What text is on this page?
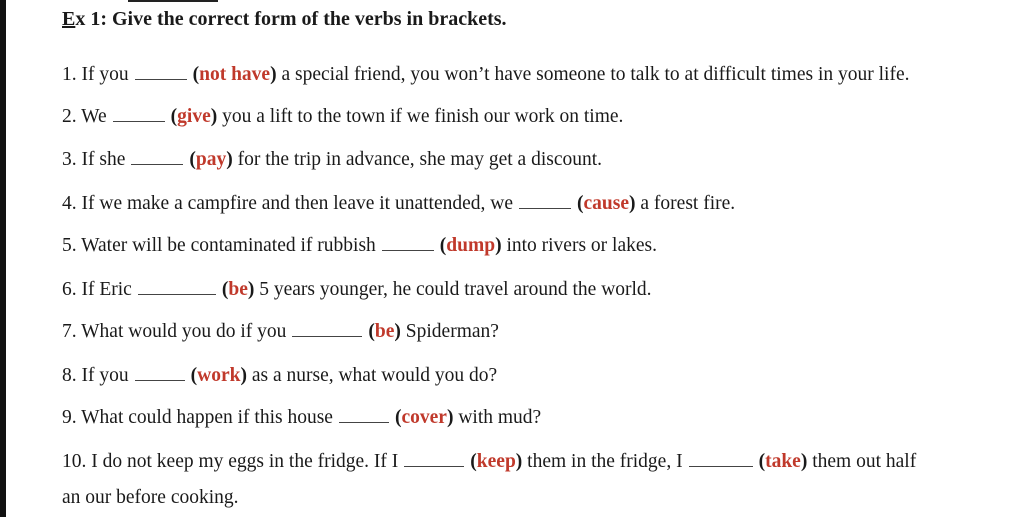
Ex 1: Give the correct form of the verbs in brackets.
1. If you	(not have) a special friend, you won’t have someone to talk to at difficult times in your life.
2. We	(give) you a lift to the town if we finish our work on time.
3. If she	(pay) for the trip in advance, she may get a discount.
4. If we make a campfire and then leave it unattended, we	(cause) a forest fire.
5. Water will be contaminated if rubbish	(dump) into rivers or lakes.
6. If Eric	(be) 5 years younger, he could travel around the world.
7. What would you do if you	(be) Spiderman?
8. If you	(work) as a nurse, what would you do?
9. What could happen if this house	(cover) with mud?
10. I do not keep my eggs in the fridge. If I	(keep) them in the fridge, I	(take) them out half
an our before cooking.
